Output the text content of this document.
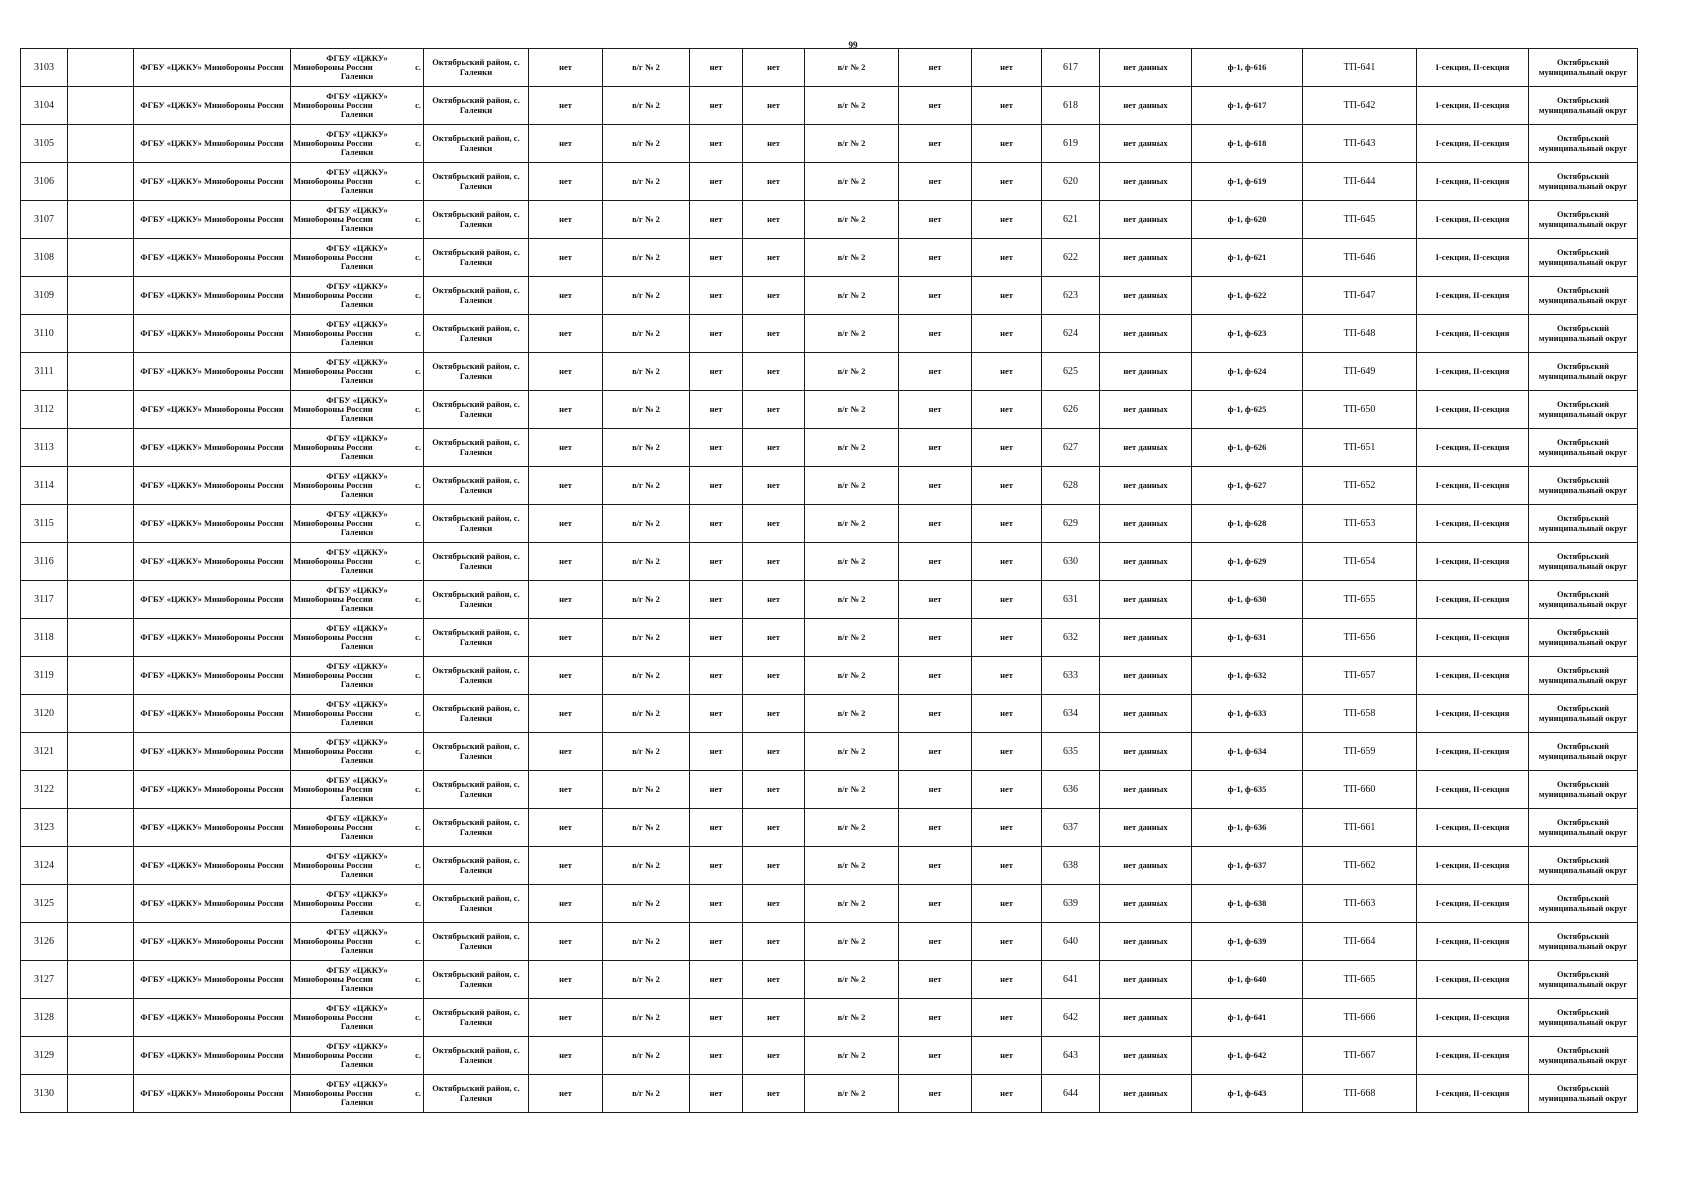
99
3103		ФГБУ «ЦЖКУ» Минобороны России	ФГБУ «ЦЖКУ»
Минобороны России с.
Галенки	Октябрьский район, с. Галенки	нет	в/г № 2	нет	нет	в/г № 2	нет	нет	617	нет данных	ф-1, ф-616	ТП-641	I-секция, II-секция	Октябрьский муниципальный округ
3104		ФГБУ «ЦЖКУ» Минобороны России	ФГБУ «ЦЖКУ»
Минобороны России с.
Галенки	Октябрьский район, с. Галенки	нет	в/г № 2	нет	нет	в/г № 2	нет	нет	618	нет данных	ф-1, ф-617	ТП-642	I-секция, II-секция	Октябрьский муниципальный округ
3105		ФГБУ «ЦЖКУ» Минобороны России	ФГБУ «ЦЖКУ»
Минобороны России с.
Галенки	Октябрьский район, с. Галенки	нет	в/г № 2	нет	нет	в/г № 2	нет	нет	619	нет данных	ф-1, ф-618	ТП-643	I-секция, II-секция	Октябрьский муниципальный округ
3106		ФГБУ «ЦЖКУ» Минобороны России	ФГБУ «ЦЖКУ»
Минобороны России с.
Галенки	Октябрьский район, с. Галенки	нет	в/г № 2	нет	нет	в/г № 2	нет	нет	620	нет данных	ф-1, ф-619	ТП-644	I-секция, II-секция	Октябрьский муниципальный округ
3107		ФГБУ «ЦЖКУ» Минобороны России	ФГБУ «ЦЖКУ»
Минобороны России с.
Галенки	Октябрьский район, с. Галенки	нет	в/г № 2	нет	нет	в/г № 2	нет	нет	621	нет данных	ф-1, ф-620	ТП-645	I-секция, II-секция	Октябрьский муниципальный округ
3108		ФГБУ «ЦЖКУ» Минобороны России	ФГБУ «ЦЖКУ»
Минобороны России с.
Галенки	Октябрьский район, с. Галенки	нет	в/г № 2	нет	нет	в/г № 2	нет	нет	622	нет данных	ф-1, ф-621	ТП-646	I-секция, II-секция	Октябрьский муниципальный округ
3109		ФГБУ «ЦЖКУ» Минобороны России	ФГБУ «ЦЖКУ»
Минобороны России с.
Галенки	Октябрьский район, с. Галенки	нет	в/г № 2	нет	нет	в/г № 2	нет	нет	623	нет данных	ф-1, ф-622	ТП-647	I-секция, II-секция	Октябрьский муниципальный округ
3110		ФГБУ «ЦЖКУ» Минобороны России	ФГБУ «ЦЖКУ»
Минобороны России с.
Галенки	Октябрьский район, с. Галенки	нет	в/г № 2	нет	нет	в/г № 2	нет	нет	624	нет данных	ф-1, ф-623	ТП-648	I-секция, II-секция	Октябрьский муниципальный округ
3111		ФГБУ «ЦЖКУ» Минобороны России	ФГБУ «ЦЖКУ»
Минобороны России с.
Галенки	Октябрьский район, с. Галенки	нет	в/г № 2	нет	нет	в/г № 2	нет	нет	625	нет данных	ф-1, ф-624	ТП-649	I-секция, II-секция	Октябрьский муниципальный округ
3112		ФГБУ «ЦЖКУ» Минобороны России	ФГБУ «ЦЖКУ»
Минобороны России с.
Галенки	Октябрьский район, с. Галенки	нет	в/г № 2	нет	нет	в/г № 2	нет	нет	626	нет данных	ф-1, ф-625	ТП-650	I-секция, II-секция	Октябрьский муниципальный округ
3113		ФГБУ «ЦЖКУ» Минобороны России	ФГБУ «ЦЖКУ»
Минобороны России с.
Галенки	Октябрьский район, с. Галенки	нет	в/г № 2	нет	нет	в/г № 2	нет	нет	627	нет данных	ф-1, ф-626	ТП-651	I-секция, II-секция	Октябрьский муниципальный округ
3114		ФГБУ «ЦЖКУ» Минобороны России	ФГБУ «ЦЖКУ»
Минобороны России с.
Галенки	Октябрьский район, с. Галенки	нет	в/г № 2	нет	нет	в/г № 2	нет	нет	628	нет данных	ф-1, ф-627	ТП-652	I-секция, II-секция	Октябрьский муниципальный округ
3115		ФГБУ «ЦЖКУ» Минобороны России	ФГБУ «ЦЖКУ»
Минобороны России с.
Галенки	Октябрьский район, с. Галенки	нет	в/г № 2	нет	нет	в/г № 2	нет	нет	629	нет данных	ф-1, ф-628	ТП-653	I-секция, II-секция	Октябрьский муниципальный округ
3116		ФГБУ «ЦЖКУ» Минобороны России	ФГБУ «ЦЖКУ»
Минобороны России с.
Галенки	Октябрьский район, с. Галенки	нет	в/г № 2	нет	нет	в/г № 2	нет	нет	630	нет данных	ф-1, ф-629	ТП-654	I-секция, II-секция	Октябрьский муниципальный округ
3117		ФГБУ «ЦЖКУ» Минобороны России	ФГБУ «ЦЖКУ»
Минобороны России с.
Галенки	Октябрьский район, с. Галенки	нет	в/г № 2	нет	нет	в/г № 2	нет	нет	631	нет данных	ф-1, ф-630	ТП-655	I-секция, II-секция	Октябрьский муниципальный округ
3118		ФГБУ «ЦЖКУ» Минобороны России	ФГБУ «ЦЖКУ»
Минобороны России с.
Галенки	Октябрьский район, с. Галенки	нет	в/г № 2	нет	нет	в/г № 2	нет	нет	632	нет данных	ф-1, ф-631	ТП-656	I-секция, II-секция	Октябрьский муниципальный округ
3119		ФГБУ «ЦЖКУ» Минобороны России	ФГБУ «ЦЖКУ»
Минобороны России с.
Галенки	Октябрьский район, с. Галенки	нет	в/г № 2	нет	нет	в/г № 2	нет	нет	633	нет данных	ф-1, ф-632	ТП-657	I-секция, II-секция	Октябрьский муниципальный округ
3120		ФГБУ «ЦЖКУ» Минобороны России	ФГБУ «ЦЖКУ»
Минобороны России с.
Галенки	Октябрьский район, с. Галенки	нет	в/г № 2	нет	нет	в/г № 2	нет	нет	634	нет данных	ф-1, ф-633	ТП-658	I-секция, II-секция	Октябрьский муниципальный округ
3121		ФГБУ «ЦЖКУ» Минобороны России	ФГБУ «ЦЖКУ»
Минобороны России с.
Галенки	Октябрьский район, с. Галенки	нет	в/г № 2	нет	нет	в/г № 2	нет	нет	635	нет данных	ф-1, ф-634	ТП-659	I-секция, II-секция	Октябрьский муниципальный округ
3122		ФГБУ «ЦЖКУ» Минобороны России	ФГБУ «ЦЖКУ»
Минобороны России с.
Галенки	Октябрьский район, с. Галенки	нет	в/г № 2	нет	нет	в/г № 2	нет	нет	636	нет данных	ф-1, ф-635	ТП-660	I-секция, II-секция	Октябрьский муниципальный округ
3123		ФГБУ «ЦЖКУ» Минобороны России	ФГБУ «ЦЖКУ»
Минобороны России с.
Галенки	Октябрьский район, с. Галенки	нет	в/г № 2	нет	нет	в/г № 2	нет	нет	637	нет данных	ф-1, ф-636	ТП-661	I-секция, II-секция	Октябрьский муниципальный округ
3124		ФГБУ «ЦЖКУ» Минобороны России	ФГБУ «ЦЖКУ»
Минобороны России с.
Галенки	Октябрьский район, с. Галенки	нет	в/г № 2	нет	нет	в/г № 2	нет	нет	638	нет данных	ф-1, ф-637	ТП-662	I-секция, II-секция	Октябрьский муниципальный округ
3125		ФГБУ «ЦЖКУ» Минобороны России	ФГБУ «ЦЖКУ»
Минобороны России с.
Галенки	Октябрьский район, с. Галенки	нет	в/г № 2	нет	нет	в/г № 2	нет	нет	639	нет данных	ф-1, ф-638	ТП-663	I-секция, II-секция	Октябрьский муниципальный округ
3126		ФГБУ «ЦЖКУ» Минобороны России	ФГБУ «ЦЖКУ»
Минобороны России с.
Галенки	Октябрьский район, с. Галенки	нет	в/г № 2	нет	нет	в/г № 2	нет	нет	640	нет данных	ф-1, ф-639	ТП-664	I-секция, II-секция	Октябрьский муниципальный округ
3127		ФГБУ «ЦЖКУ» Минобороны России	ФГБУ «ЦЖКУ»
Минобороны России с.
Галенки	Октябрьский район, с. Галенки	нет	в/г № 2	нет	нет	в/г № 2	нет	нет	641	нет данных	ф-1, ф-640	ТП-665	I-секция, II-секция	Октябрьский муниципальный округ
3128		ФГБУ «ЦЖКУ» Минобороны России	ФГБУ «ЦЖКУ»
Минобороны России с.
Галенки	Октябрьский район, с. Галенки	нет	в/г № 2	нет	нет	в/г № 2	нет	нет	642	нет данных	ф-1, ф-641	ТП-666	I-секция, II-секция	Октябрьский муниципальный округ
3129		ФГБУ «ЦЖКУ» Минобороны России	ФГБУ «ЦЖКУ»
Минобороны России с.
Галенки	Октябрьский район, с. Галенки	нет	в/г № 2	нет	нет	в/г № 2	нет	нет	643	нет данных	ф-1, ф-642	ТП-667	I-секция, II-секция	Октябрьский муниципальный округ
3130		ФГБУ «ЦЖКУ» Минобороны России	ФГБУ «ЦЖКУ»
Минобороны России с.
Галенки	Октябрьский район, с. Галенки	нет	в/г № 2	нет	нет	в/г № 2	нет	нет	644	нет данных	ф-1, ф-643	ТП-668	I-секция, II-секция	Октябрьский муниципальный округ
